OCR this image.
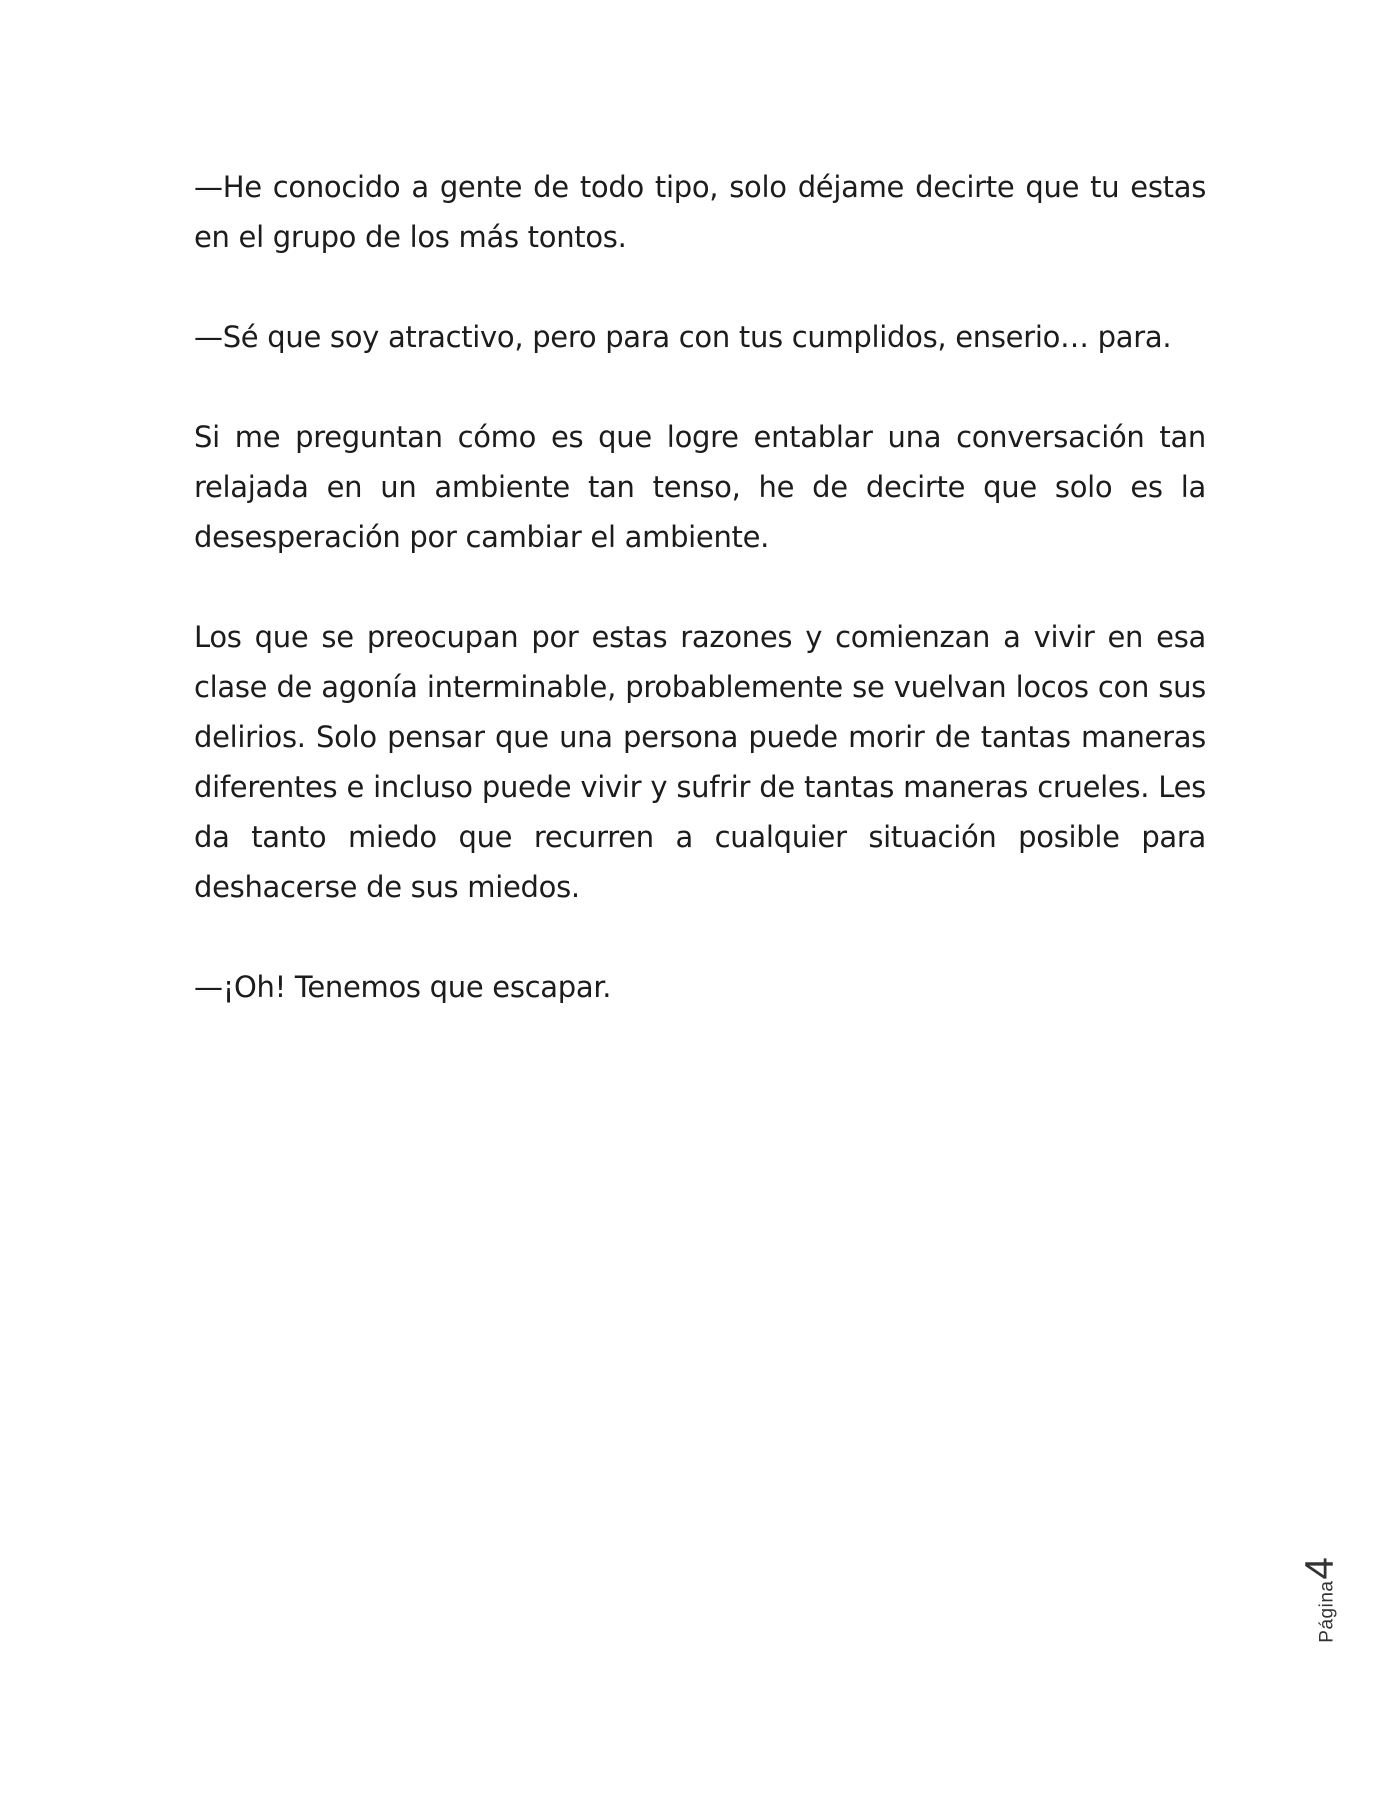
—He conocido a gente de todo tipo, solo déjame decirte que tu estas en el grupo de los más tontos.

—Sé que soy atractivo, pero para con tus cumplidos, enserio… para.

Si me preguntan cómo es que logre entablar una conversación tan relajada en un ambiente tan tenso, he de decirte que solo es la desesperación por cambiar el ambiente.

Los que se preocupan por estas razones y comienzan a vivir en esa clase de agonía interminable, probablemente se vuelvan locos con sus delirios. Solo pensar que una persona puede morir de tantas maneras diferentes e incluso puede vivir y sufrir de tantas maneras crueles. Les da tanto miedo que recurren a cualquier situación posible para deshacerse de sus miedos.

—¡Oh! Tenemos que escapar.

Página4
